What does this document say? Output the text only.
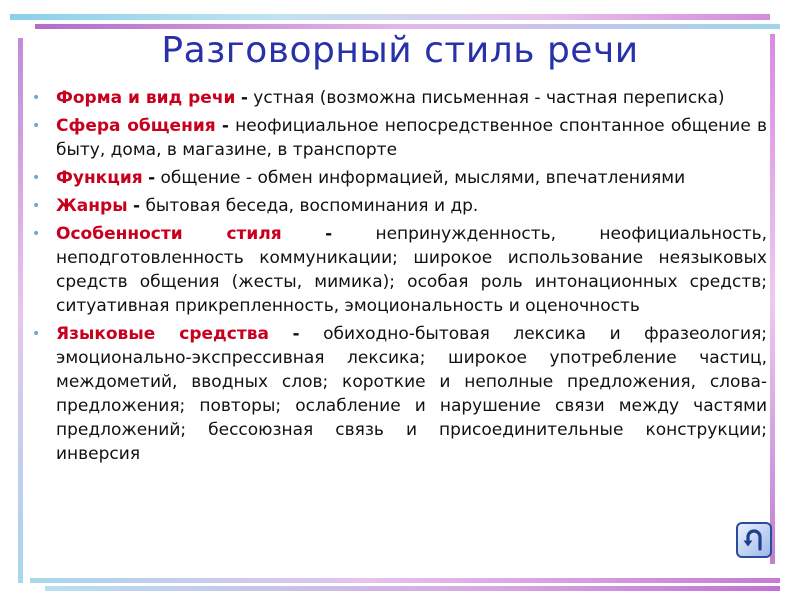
Разговорный стиль речи
• Форма и вид речи - устная (возможна письменная - частная переписка)
• Сфера общения - неофициальное непосредственное спонтанное общение в быту, дома, в магазине, в транспорте
• Функция - общение - обмен информацией, мыслями, впечатлениями
• Жанры - бытовая беседа, воспоминания и др.
• Особенности стиля	-	непринужденность, неофициальность, неподготовленность коммуникации; широкое использование неязыковых средств общения (жесты, мимика); особая роль интонационных средств; ситуативная прикрепленность, эмоциональность и оценочность
• Языковые средства - обиходно-бытовая лексика и фразеология; эмоционально-экспрессивная лексика; широкое употребление частиц, междометий, вводных слов; короткие и неполные предложения, слова-предложения; повторы; ослабление и нарушение связи между частями предложений; бессоюзная связь и присоединительные конструкции; инверсия
